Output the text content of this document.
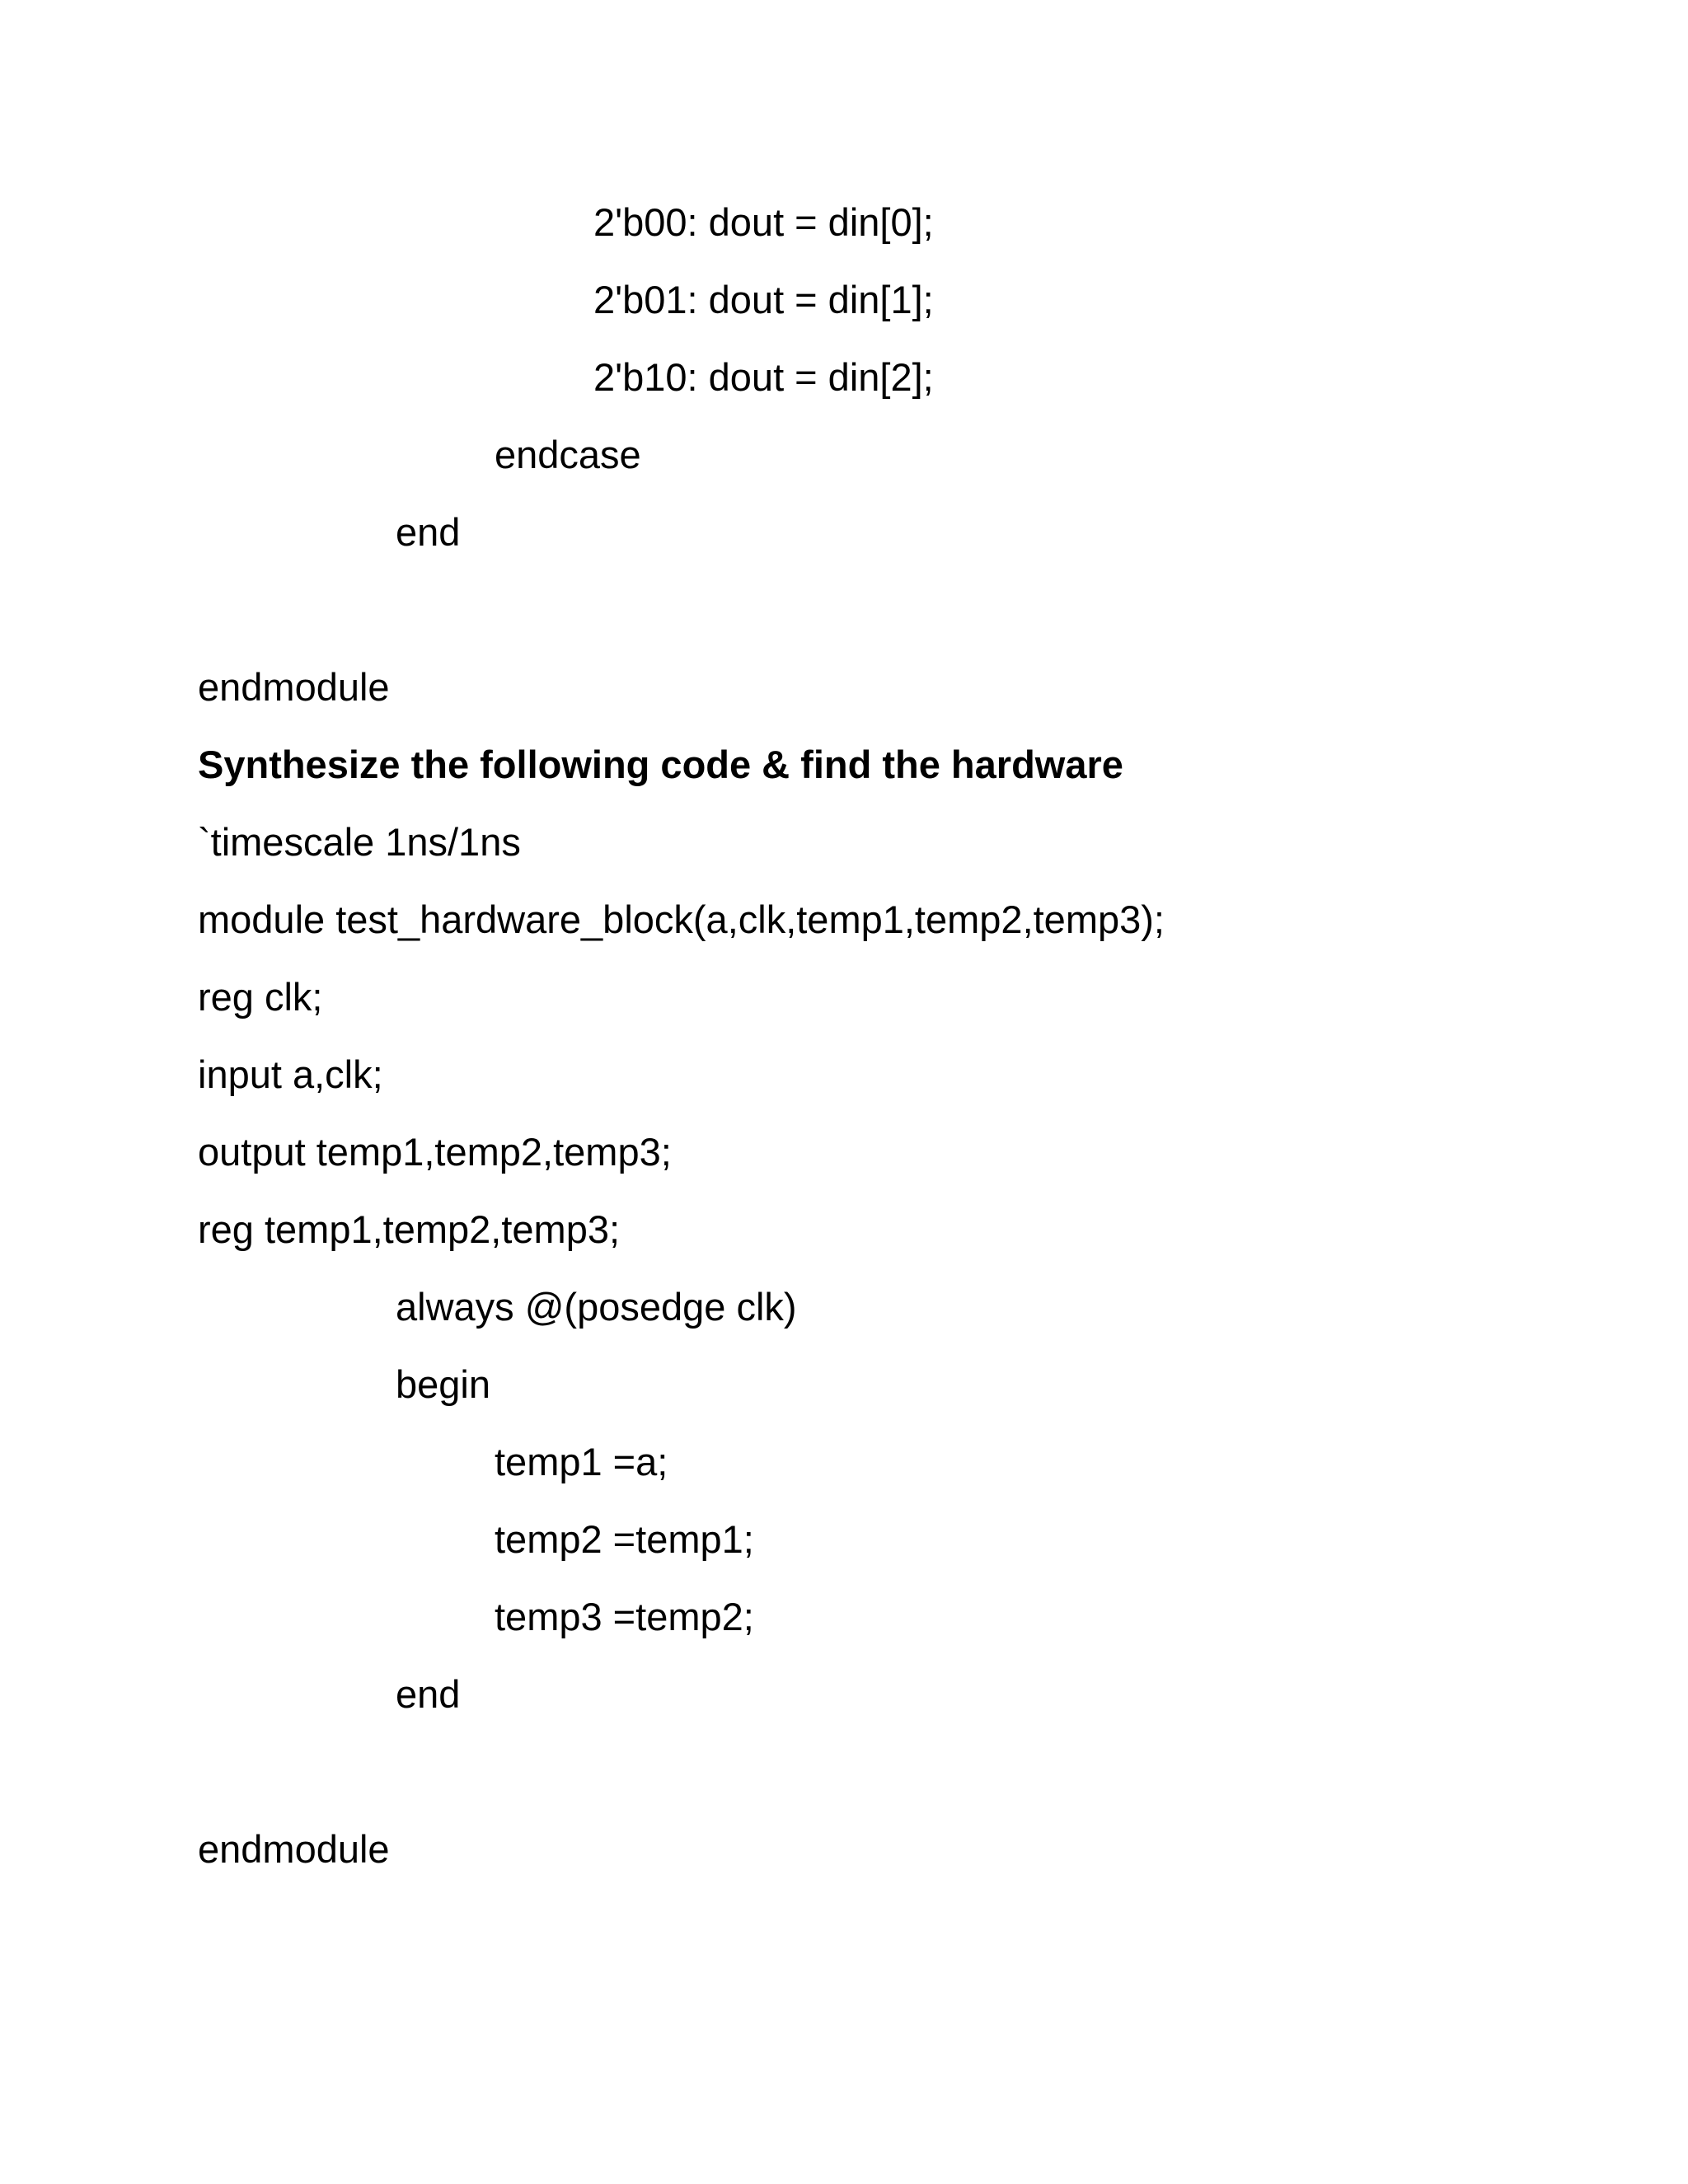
2'b00: dout = din[0];
2'b01: dout = din[1];
2'b10: dout = din[2];
endcase
end
endmodule
Synthesize the following code & find the hardware
`timescale 1ns/1ns
module test_hardware_block(a,clk,temp1,temp2,temp3);
reg clk;
input a,clk;
output temp1,temp2,temp3;
reg temp1,temp2,temp3;
always @(posedge clk)
begin
temp1 =a;
temp2 =temp1;
temp3 =temp2;
end
endmodule
